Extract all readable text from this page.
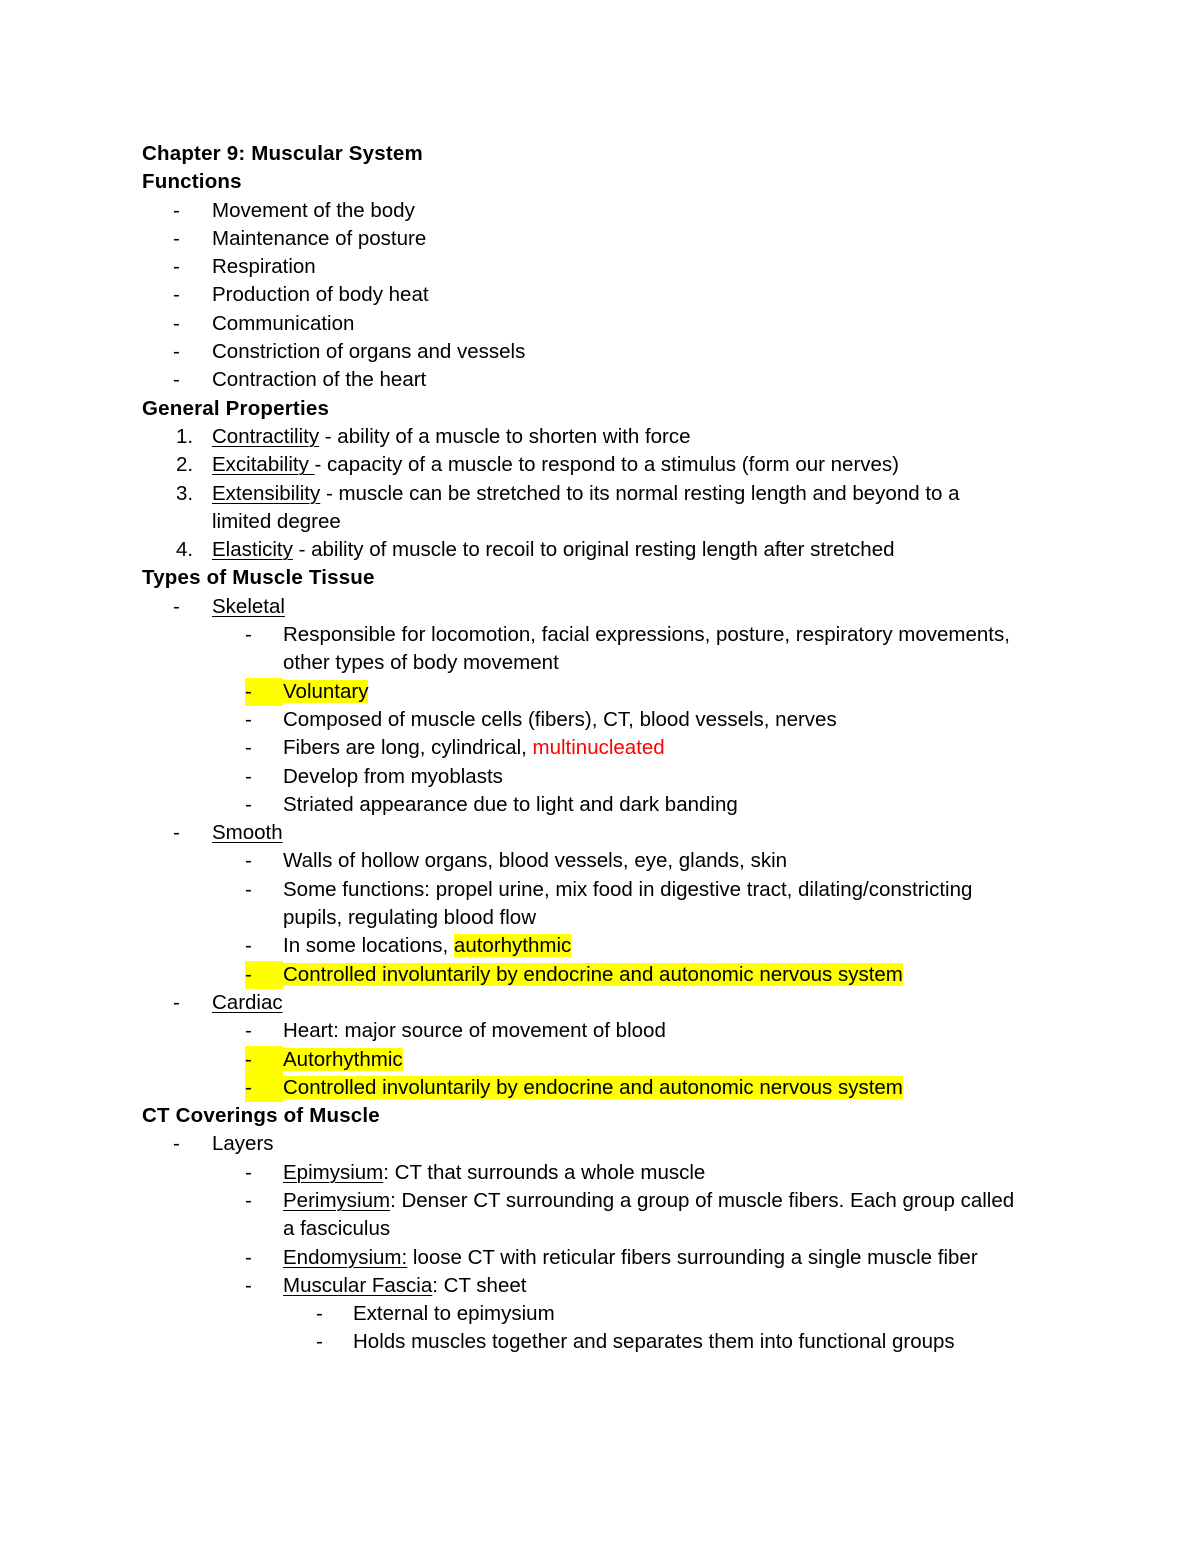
Chapter 9: Muscular System
Functions
- Movement of the body
- Maintenance of posture
- Respiration
- Production of body heat
- Communication
- Constriction of organs and vessels
- Contraction of the heart
General Properties
1. Contractility - ability of a muscle to shorten with force
2. Excitability - capacity of a muscle to respond to a stimulus (form our nerves)
3. Extensibility - muscle can be stretched to its normal resting length and beyond to a
limited degree
4. Elasticity - ability of muscle to recoil to original resting length after stretched
Types of Muscle Tissue
- Skeletal
- Responsible for locomotion, facial expressions, posture, respiratory movements,
other types of body movement
-	Voluntary
- Composed of muscle cells (fibers), CT, blood vessels, nerves
- Fibers are long, cylindrical, multinucleated
- Develop from myoblasts
- Striated appearance due to light and dark banding
- Smooth
- Walls of hollow organs, blood vessels, eye, glands, skin
- Some functions: propel urine, mix food in digestive tract, dilating/constricting
pupils, regulating blood flow
- In some locations, autorhythmic
-	Controlled involuntarily by endocrine and autonomic nervous system
- Cardiac
- Heart: major source of movement of blood
-	Autorhythmic
-	Controlled involuntarily by endocrine and autonomic nervous system
CT Coverings of Muscle
- Layers
- Epimysium: CT that surrounds a whole muscle
- Perimysium: Denser CT surrounding a group of muscle fibers. Each group called
a fasciculus
- Endomysium: loose CT with reticular fibers surrounding a single muscle fiber
- Muscular Fascia: CT sheet
- External to epimysium
- Holds muscles together and separates them into functional groups
